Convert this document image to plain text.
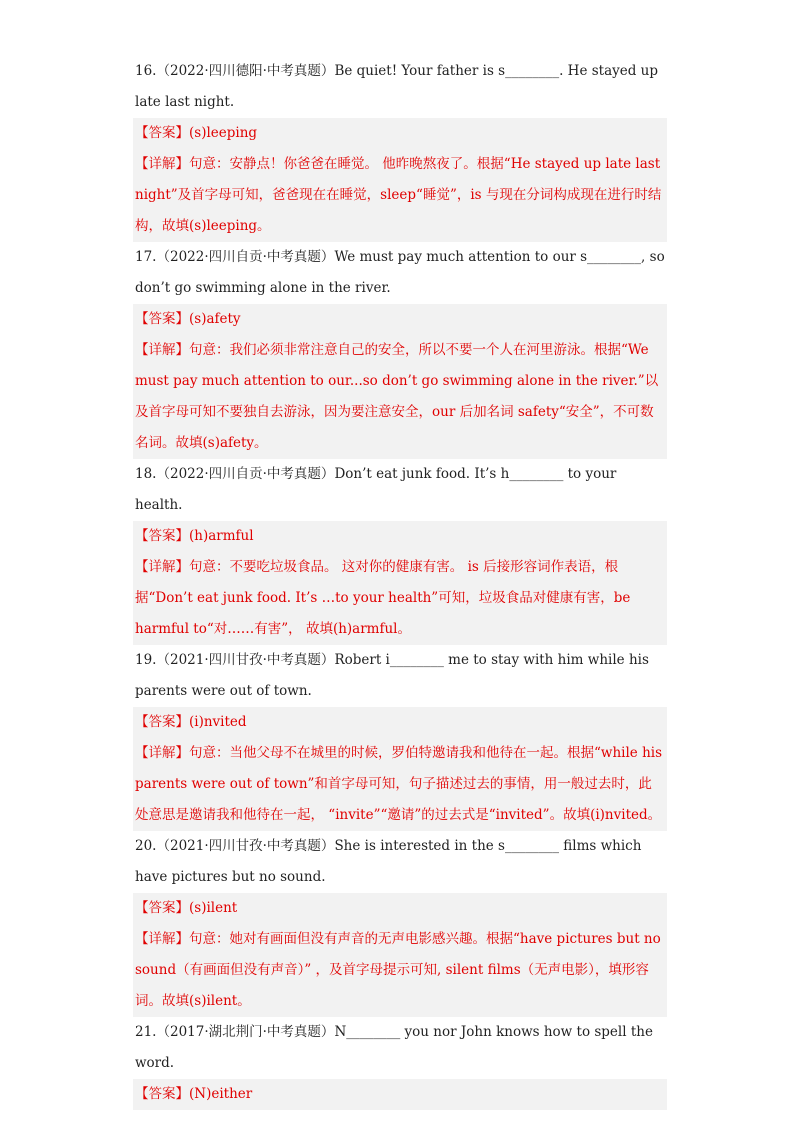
16.（2022·四川德阳·中考真题）Be quiet! Your father is s________. He stayed up late last night.

【答案】(s)leeping

【详解】句意：安静点！你爸爸在睡觉。 他昨晚熬夜了。根据“He stayed up late last night”及首字母可知，爸爸现在在睡觉，sleep“睡觉”，is 与现在分词构成现在进行时结构，故填(s)leeping。

17.（2022·四川自贡·中考真题）We must pay much attention to our s________, so don’t go swimming alone in the river.

【答案】(s)afety

【详解】句意：我们必须非常注意自己的安全，所以不要一个人在河里游泳。根据“We must pay much attention to our...so don’t go swimming alone in the river.”以及首字母可知不要独自去游泳，因为要注意安全，our 后加名词 safety“安全”，不可数名词。故填(s)afety。

18.（2022·四川自贡·中考真题）Don’t eat junk food. It’s h________ to your health.

【答案】(h)armful

【详解】句意：不要吃垃圾食品。 这对你的健康有害。 is 后接形容词作表语，根据“Don’t eat junk food. It’s …to your health”可知，垃圾食品对健康有害，be harmful to“对……有害”， 故填(h)armful。

19.（2021·四川甘孜·中考真题）Robert i________ me to stay with him while his parents were out of town.

【答案】(i)nvited

【详解】句意：当他父母不在城里的时候，罗伯特邀请我和他待在一起。根据“while his parents were out of town”和首字母可知，句子描述过去的事情，用一般过去时，此处意思是邀请我和他待在一起， “invite”“邀请”的过去式是“invited”。故填(i)nvited。

20.（2021·四川甘孜·中考真题）She is interested in the s________ films which have pictures but no sound.

【答案】(s)ilent

【详解】句意：她对有画面但没有声音的无声电影感兴趣。根据“have pictures but no sound（有画面但没有声音）” ，及首字母提示可知, silent films（无声电影），填形容词。故填(s)ilent。

21.（2017·湖北荆门·中考真题）N________ you nor John knows how to spell the word.

【答案】(N)either
